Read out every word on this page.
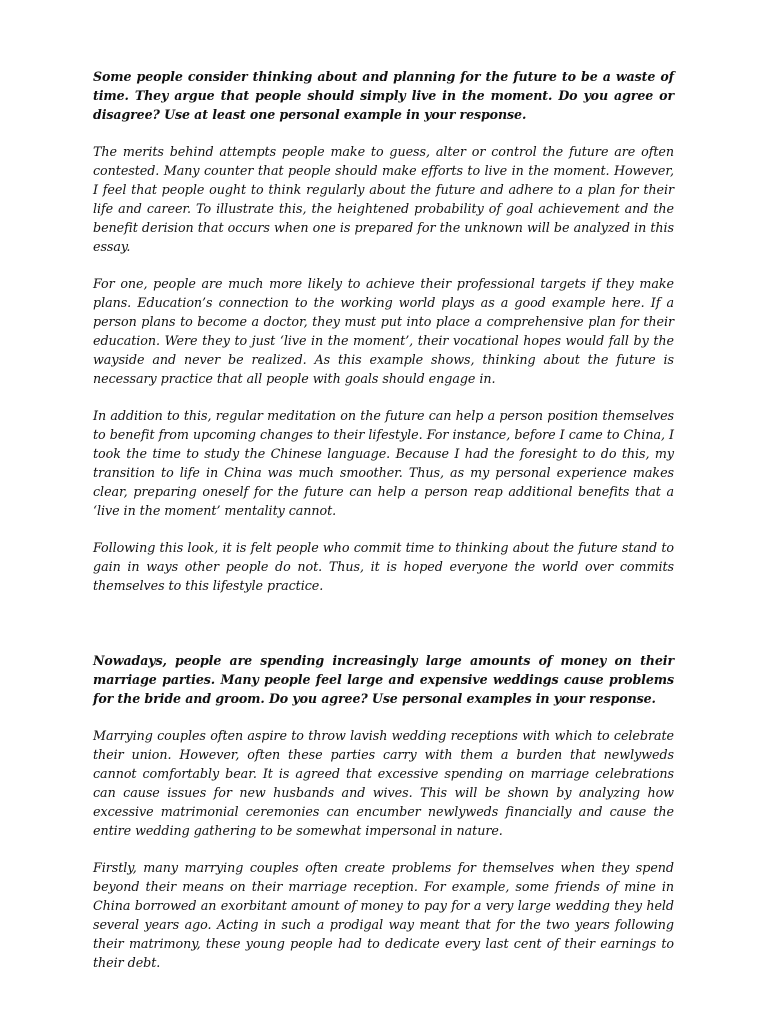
Some people consider thinking about and planning for the future to be a waste of time. They argue that people should simply live in the moment. Do you agree or disagree? Use at least one personal example in your response.

The merits behind attempts people make to guess, alter or control the future are often contested. Many counter that people should make efforts to live in the moment. However, I feel that people ought to think regularly about the future and adhere to a plan for their life and career. To illustrate this, the heightened probability of goal achievement and the benefit derision that occurs when one is prepared for the unknown will be analyzed in this essay.

For one, people are much more likely to achieve their professional targets if they make plans. Education’s connection to the working world plays as a good example here. If a person plans to become a doctor, they must put into place a comprehensive plan for their education. Were they to just ‘live in the moment’, their vocational hopes would fall by the wayside and never be realized. As this example shows, thinking about the future is necessary practice that all people with goals should engage in.

In addition to this, regular meditation on the future can help a person position themselves to benefit from upcoming changes to their lifestyle. For instance, before I came to China, I took the time to study the Chinese language. Because I had the foresight to do this, my transition to life in China was much smoother. Thus, as my personal experience makes clear, preparing oneself for the future can help a person reap additional benefits that a ‘live in the moment’ mentality cannot.

Following this look, it is felt people who commit time to thinking about the future stand to gain in ways other people do not. Thus, it is hoped everyone the world over commits themselves to this lifestyle practice.

Nowadays, people are spending increasingly large amounts of money on their marriage parties. Many people feel large and expensive weddings cause problems for the bride and groom. Do you agree? Use personal examples in your response.

Marrying couples often aspire to throw lavish wedding receptions with which to celebrate their union. However, often these parties carry with them a burden that newlyweds cannot comfortably bear. It is agreed that excessive spending on marriage celebrations can cause issues for new husbands and wives. This will be shown by analyzing how excessive matrimonial ceremonies can encumber newlyweds financially and cause the entire wedding gathering to be somewhat impersonal in nature.

Firstly, many marrying couples often create problems for themselves when they spend beyond their means on their marriage reception. For example, some friends of mine in China borrowed an exorbitant amount of money to pay for a very large wedding they held several years ago. Acting in such a prodigal way meant that for the two years following their matrimony, these young people had to dedicate every last cent of their earnings to their debt.
